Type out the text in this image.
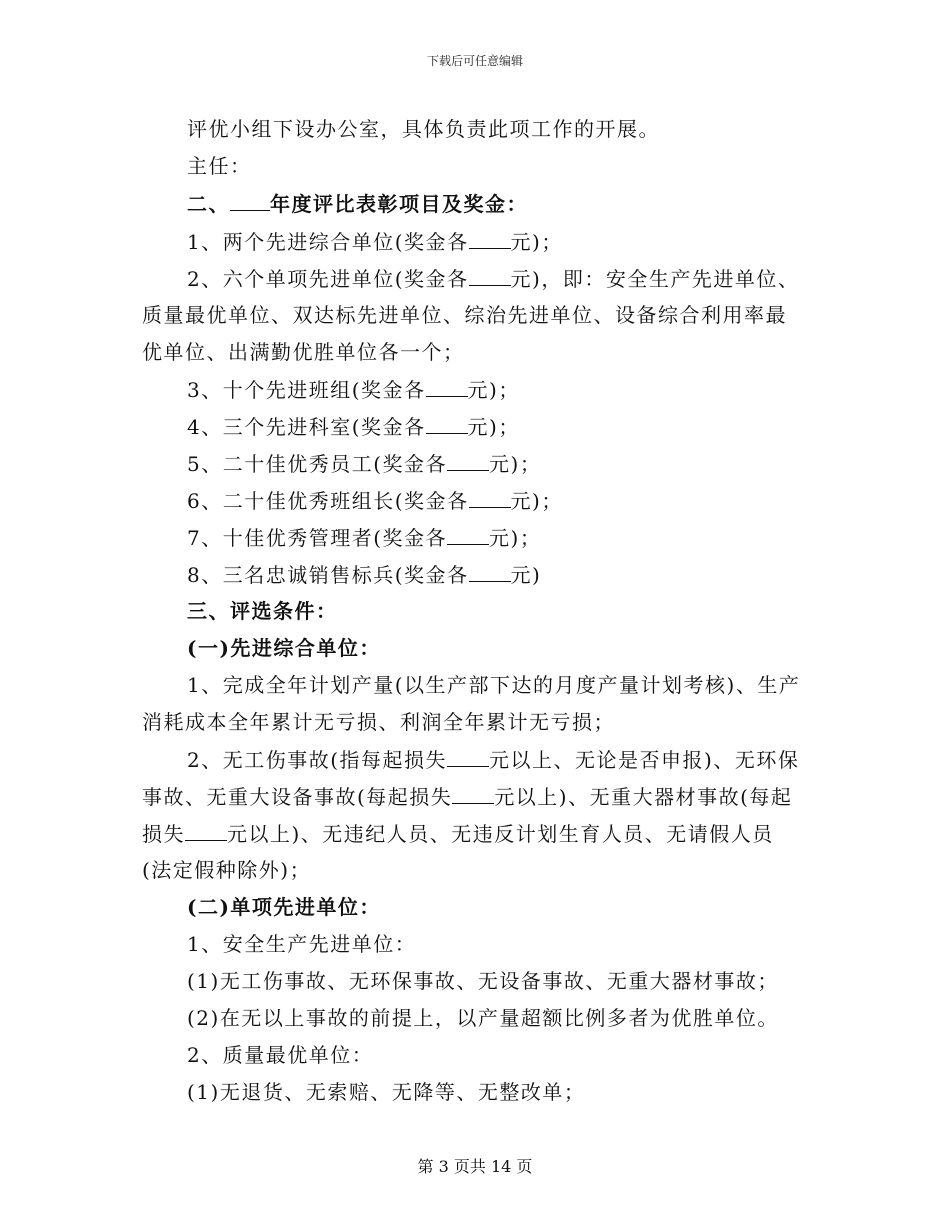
下载后可任意编辑
评优小组下设办公室，具体负责此项工作的开展。
主任：
二、 年度评比表彰项目及奖金：
1、两个先进综合单位(奖金各 元)；
2、六个单项先进单位(奖金各 元)，即：安全生产先进单位、
质量最优单位、双达标先进单位、综治先进单位、设备综合利用率最
优单位、出满勤优胜单位各一个；
3、十个先进班组(奖金各 元)；
4、三个先进科室(奖金各 元)；
5、二十佳优秀员工(奖金各 元)；
6、二十佳优秀班组长(奖金各 元)；
7、十佳优秀管理者(奖金各 元)；
8、三名忠诚销售标兵(奖金各 元)
三、评选条件：
(一)先进综合单位：
1、完成全年计划产量(以生产部下达的月度产量计划考核)、生产
消耗成本全年累计无亏损、利润全年累计无亏损；
2、无工伤事故(指每起损失 元以上、无论是否申报)、无环保
事故、无重大设备事故(每起损失 元以上)、无重大器材事故(每起
损失 元以上)、无违纪人员、无违反计划生育人员、无请假人员
(法定假种除外)；
(二)单项先进单位：
1、安全生产先进单位：
(1)无工伤事故、无环保事故、无设备事故、无重大器材事故；
(2)在无以上事故的前提上，以产量超额比例多者为优胜单位。
2、质量最优单位：
(1)无退货、无索赔、无降等、无整改单；
第 3 页共 14 页
